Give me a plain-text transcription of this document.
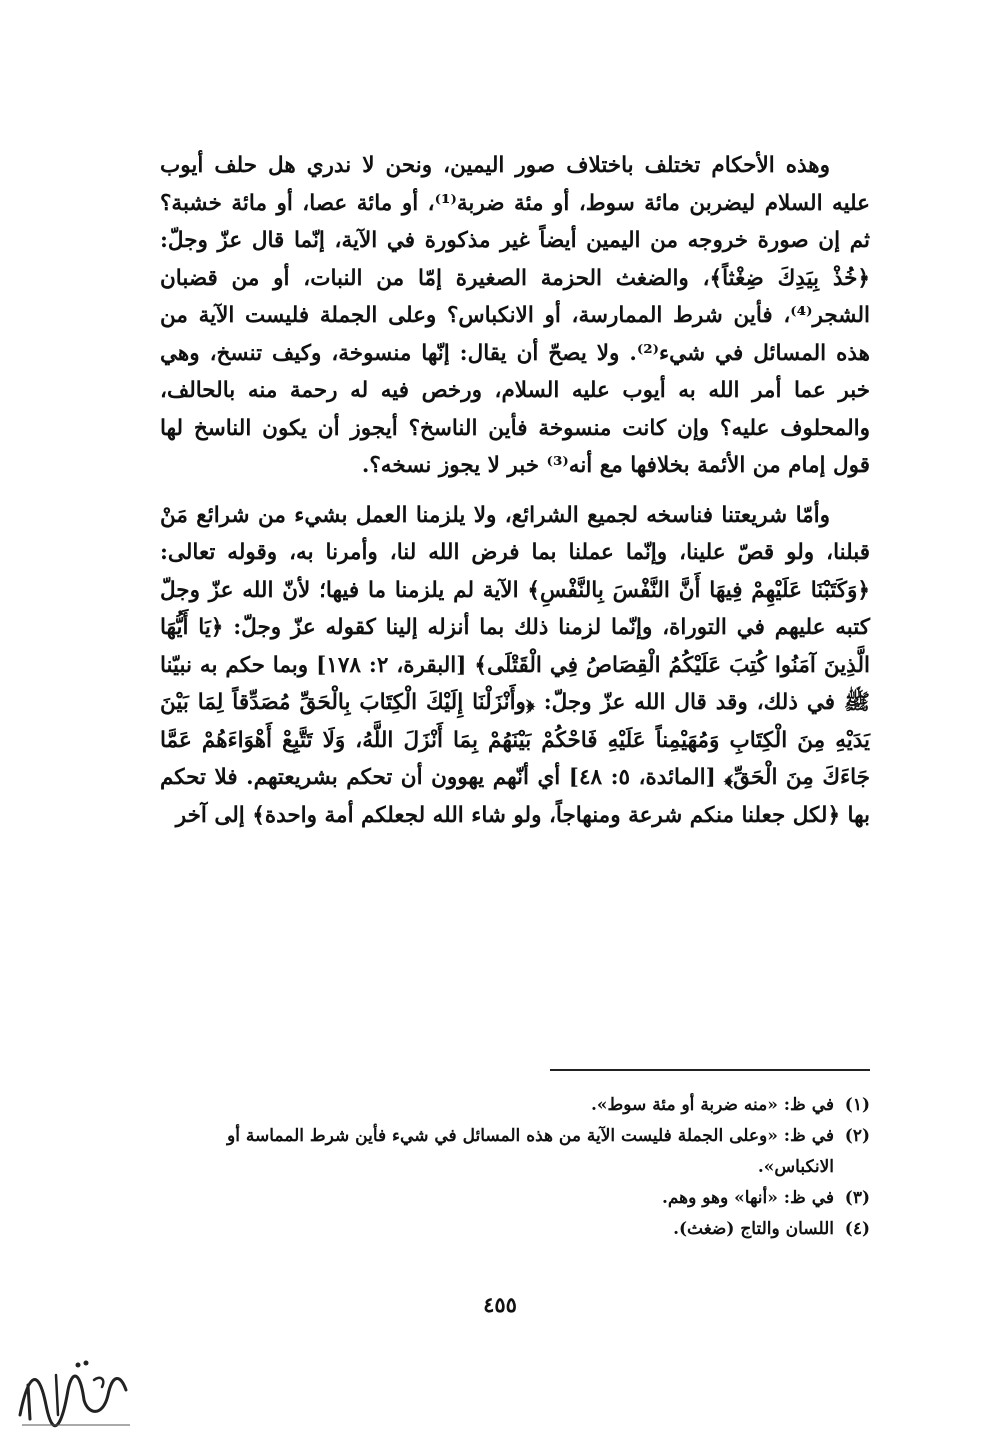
وهذه الأحكام تختلف باختلاف صور اليمين، ونحن لا ندري هل حلف أيوب عليه السلام ليضربن مائة سوط، أو مئة ضربة⁽¹⁾، أو مائة عصا، أو مائة خشبة؟ ثم إن صورة خروجه من اليمين أيضاً غير مذكورة في الآية، إنّما قال عزّ وجلّ: ﴿خُذْ بِيَدِكَ ضِغْثاً﴾، والضغث الحزمة الصغيرة إمّا من النبات، أو من قضبان الشجر⁽⁴⁾، فأين شرط الممارسة، أو الانكباس؟ وعلى الجملة فليست الآية من هذه المسائل في شيء⁽²⁾. ولا يصحّ أن يقال: إنّها منسوخة، وكيف تنسخ، وهي خبر عما أمر الله به أيوب عليه السلام، ورخص فيه له رحمة منه بالحالف، والمحلوف عليه؟ وإن كانت منسوخة فأين الناسخ؟ أيجوز أن يكون الناسخ لها قول إمام من الأئمة بخلافها مع أنه⁽³⁾ خبر لا يجوز نسخه؟.

وأمّا شريعتنا فناسخه لجميع الشرائع، ولا يلزمنا العمل بشيء من شرائع مَنْ قبلنا، ولو قصّ علينا، وإنّما عملنا بما فرض الله لنا، وأمرنا به، وقوله تعالى: ﴿وَكَتَبْنَا عَلَيْهِمْ فِيهَا أَنَّ النَّفْسَ بِالنَّفْسِ﴾ الآية لم يلزمنا ما فيها؛ لأنّ الله عزّ وجلّ كتبه عليهم في التوراة، وإنّما لزمنا ذلك بما أنزله إلينا كقوله عزّ وجلّ: ﴿يَا أَيُّهَا الَّذِينَ آمَنُوا كُتِبَ عَلَيْكُمُ الْقِصَاصُ فِي الْقَتْلَى﴾ [البقرة، ٢: ١٧٨] وبما حكم به نبيّنا ﷺ في ذلك، وقد قال الله عزّ وجلّ: ﴿وأَنْزَلْنَا إِلَيْكَ الْكِتَابَ بِالْحَقِّ مُصَدِّقاً لِمَا بَيْنَ يَدَيْهِ مِنَ الْكِتَابِ وَمُهَيْمِناً عَلَيْهِ فَاحْكُمْ بَيْنَهُمْ بِمَا أَنْزَلَ اللَّهُ، وَلَا تَتَّبِعْ أَهْوَاءَهُمْ عَمَّا جَاءَكَ مِنَ الْحَقِّ﴾ [المائدة، ٥: ٤٨] أي أنّهم يهوون أن تحكم بشريعتهم. فلا تحكم بها ﴿لكل جعلنا منكم شرعة ومنهاجاً، ولو شاء الله لجعلكم أمة واحدة﴾ إلى آخر

(١)
في ظ: «منه ضربة أو مئة سوط».
(٢)
في ظ: «وعلى الجملة فليست الآية من هذه المسائل في شيء فأين شرط المماسة أو الانكباس».
(٣)
في ظ: «أنها» وهو وهم.
(٤)
اللسان والتاج (ضغث).
٤٥٥
